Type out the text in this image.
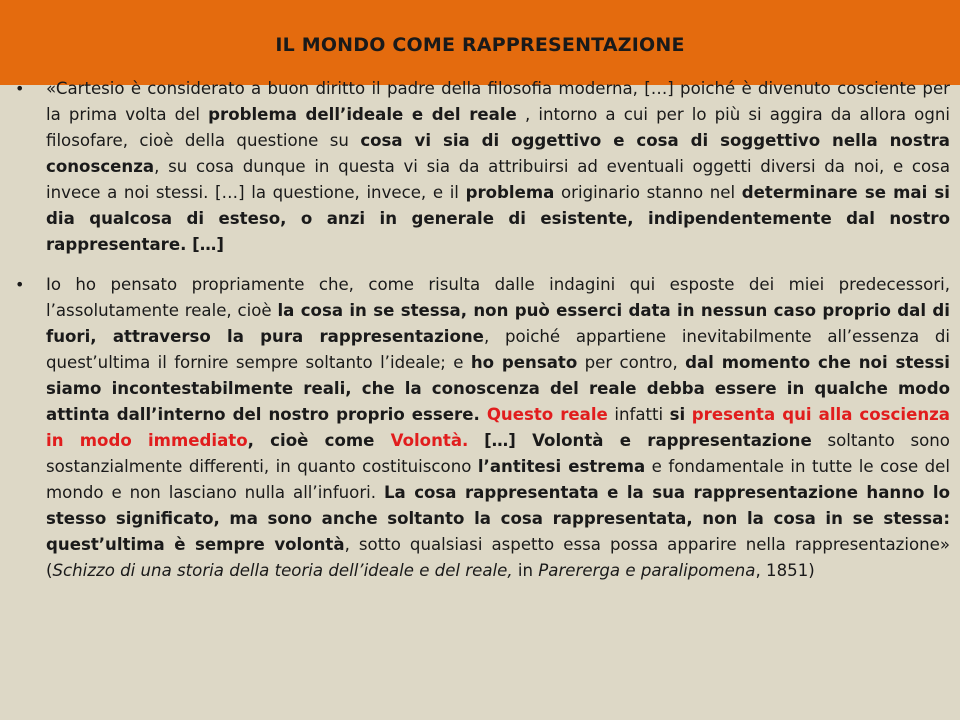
IL MONDO COME RAPPRESENTAZIONE
• «Cartesio è considerato a buon diritto il padre della filosofia moderna, […] poiché è divenuto cosciente per la prima volta del problema dell’ideale e del reale , intorno a cui per lo più si aggira da allora ogni filosofare, cioè della questione su cosa vi sia di oggettivo e cosa di soggettivo nella nostra conoscenza, su cosa dunque in questa vi sia da attribuirsi ad eventuali oggetti diversi da noi, e cosa invece a noi stessi. […] la questione, invece, e il problema originario stanno nel determinare se mai si dia qualcosa di esteso, o anzi in generale di esistente, indipendentemente dal nostro rappresentare. […]
• Io ho pensato propriamente che, come risulta dalle indagini qui esposte dei miei predecessori, l’assolutamente reale, cioè la cosa in se stessa, non può esserci data in nessun caso proprio dal di fuori, attraverso la pura rappresentazione, poiché appartiene inevitabilmente all’essenza di quest’ultima il fornire sempre soltanto l’ideale; e ho pensato per contro, dal momento che noi stessi siamo incontestabilmente reali, che la conoscenza del reale debba essere in qualche modo attinta dall’interno del nostro proprio essere. Questo reale infatti si presenta qui alla coscienza in modo immediato, cioè come Volontà. […] Volontà e rappresentazione soltanto sono sostanzialmente differenti, in quanto costituiscono l’antitesi estrema e fondamentale in tutte le cose del mondo e non lasciano nulla all’infuori. La cosa rappresentata e la sua rappresentazione hanno lo stesso significato, ma sono anche soltanto la cosa rappresentata, non la cosa in se stessa: quest’ultima è sempre volontà, sotto qualsiasi aspetto essa possa apparire nella rappresentazione» (Schizzo di una storia della teoria dell’ideale e del reale, in Parererga e paralipomena, 1851)
